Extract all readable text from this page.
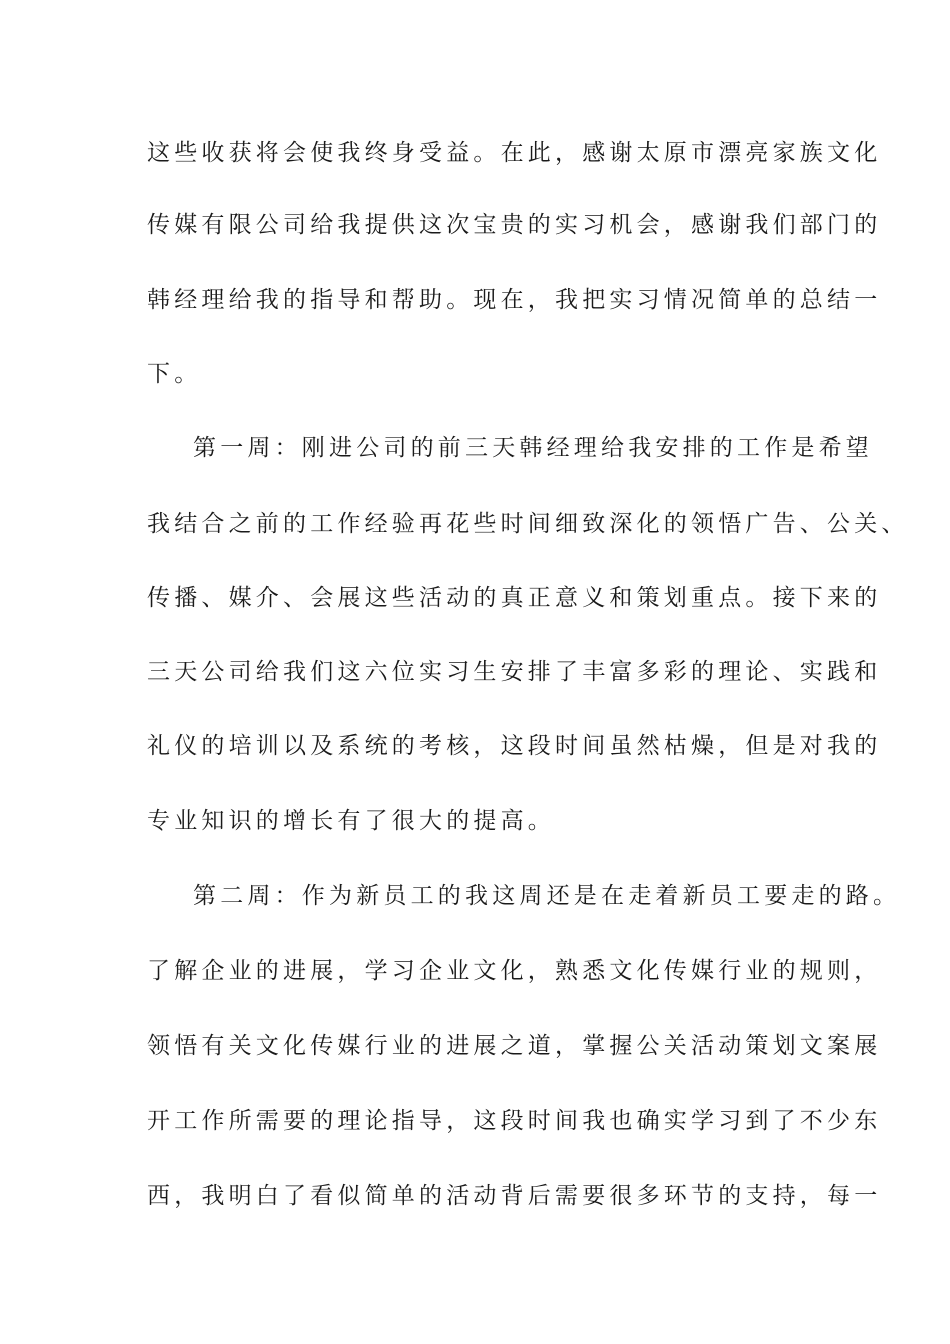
这些收获将会使我终身受益。在此，感谢太原市漂亮家族文化
传媒有限公司给我提供这次宝贵的实习机会，感谢我们部门的
韩经理给我的指导和帮助。现在，我把实习情况简单的总结一
下。
第一周：刚进公司的前三天韩经理给我安排的工作是希望
我结合之前的工作经验再花些时间细致深化的领悟广告、公关、
传播、媒介、会展这些活动的真正意义和策划重点。接下来的
三天公司给我们这六位实习生安排了丰富多彩的理论、实践和
礼仪的培训以及系统的考核，这段时间虽然枯燥，但是对我的
专业知识的增长有了很大的提高。
第二周：作为新员工的我这周还是在走着新员工要走的路。
了解企业的进展，学习企业文化，熟悉文化传媒行业的规则，
领悟有关文化传媒行业的进展之道，掌握公关活动策划文案展
开工作所需要的理论指导，这段时间我也确实学习到了不少东
西，我明白了看似简单的活动背后需要很多环节的支持，每一
